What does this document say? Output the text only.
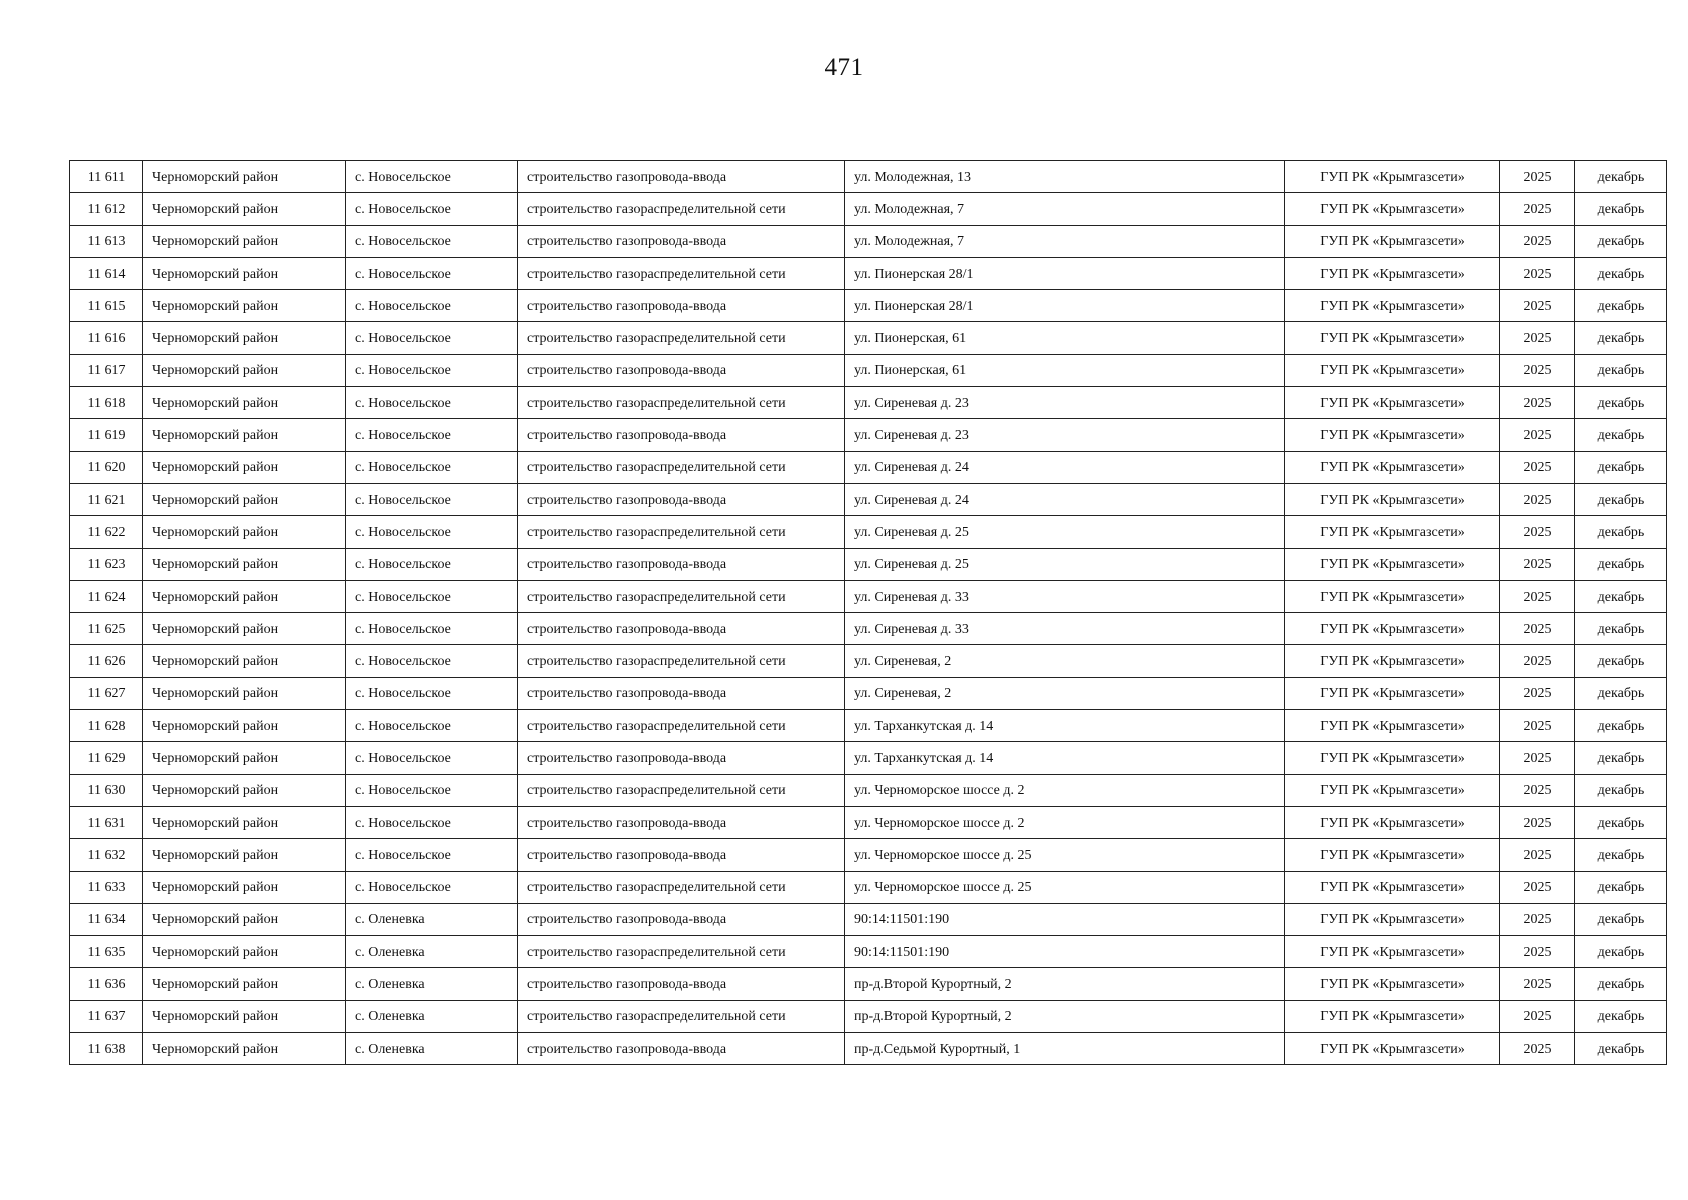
471
11 611	Черноморский район	с. Новосельское	строительство газопровода-ввода	ул. Молодежная, 13	ГУП РК «Крымгазсети»	2025	декабрь
11 612	Черноморский район	с. Новосельское	строительство газораспределительной сети	ул. Молодежная, 7	ГУП РК «Крымгазсети»	2025	декабрь
11 613	Черноморский район	с. Новосельское	строительство газопровода-ввода	ул. Молодежная, 7	ГУП РК «Крымгазсети»	2025	декабрь
11 614	Черноморский район	с. Новосельское	строительство газораспределительной сети	ул. Пионерская 28/1	ГУП РК «Крымгазсети»	2025	декабрь
11 615	Черноморский район	с. Новосельское	строительство газопровода-ввода	ул. Пионерская 28/1	ГУП РК «Крымгазсети»	2025	декабрь
11 616	Черноморский район	с. Новосельское	строительство газораспределительной сети	ул. Пионерская, 61	ГУП РК «Крымгазсети»	2025	декабрь
11 617	Черноморский район	с. Новосельское	строительство газопровода-ввода	ул. Пионерская, 61	ГУП РК «Крымгазсети»	2025	декабрь
11 618	Черноморский район	с. Новосельское	строительство газораспределительной сети	ул. Сиреневая д. 23	ГУП РК «Крымгазсети»	2025	декабрь
11 619	Черноморский район	с. Новосельское	строительство газопровода-ввода	ул. Сиреневая д. 23	ГУП РК «Крымгазсети»	2025	декабрь
11 620	Черноморский район	с. Новосельское	строительство газораспределительной сети	ул. Сиреневая д. 24	ГУП РК «Крымгазсети»	2025	декабрь
11 621	Черноморский район	с. Новосельское	строительство газопровода-ввода	ул. Сиреневая д. 24	ГУП РК «Крымгазсети»	2025	декабрь
11 622	Черноморский район	с. Новосельское	строительство газораспределительной сети	ул. Сиреневая д. 25	ГУП РК «Крымгазсети»	2025	декабрь
11 623	Черноморский район	с. Новосельское	строительство газопровода-ввода	ул. Сиреневая д. 25	ГУП РК «Крымгазсети»	2025	декабрь
11 624	Черноморский район	с. Новосельское	строительство газораспределительной сети	ул. Сиреневая д. 33	ГУП РК «Крымгазсети»	2025	декабрь
11 625	Черноморский район	с. Новосельское	строительство газопровода-ввода	ул. Сиреневая д. 33	ГУП РК «Крымгазсети»	2025	декабрь
11 626	Черноморский район	с. Новосельское	строительство газораспределительной сети	ул. Сиреневая, 2	ГУП РК «Крымгазсети»	2025	декабрь
11 627	Черноморский район	с. Новосельское	строительство газопровода-ввода	ул. Сиреневая, 2	ГУП РК «Крымгазсети»	2025	декабрь
11 628	Черноморский район	с. Новосельское	строительство газораспределительной сети	ул. Тарханкутская д. 14	ГУП РК «Крымгазсети»	2025	декабрь
11 629	Черноморский район	с. Новосельское	строительство газопровода-ввода	ул. Тарханкутская д. 14	ГУП РК «Крымгазсети»	2025	декабрь
11 630	Черноморский район	с. Новосельское	строительство газораспределительной сети	ул. Черноморское шоссе д. 2	ГУП РК «Крымгазсети»	2025	декабрь
11 631	Черноморский район	с. Новосельское	строительство газопровода-ввода	ул. Черноморское шоссе д. 2	ГУП РК «Крымгазсети»	2025	декабрь
11 632	Черноморский район	с. Новосельское	строительство газопровода-ввода	ул. Черноморское шоссе д. 25	ГУП РК «Крымгазсети»	2025	декабрь
11 633	Черноморский район	с. Новосельское	строительство газораспределительной сети	ул. Черноморское шоссе д. 25	ГУП РК «Крымгазсети»	2025	декабрь
11 634	Черноморский район	с. Оленевка	строительство газопровода-ввода	90:14:11501:190	ГУП РК «Крымгазсети»	2025	декабрь
11 635	Черноморский район	с. Оленевка	строительство газораспределительной сети	90:14:11501:190	ГУП РК «Крымгазсети»	2025	декабрь
11 636	Черноморский район	с. Оленевка	строительство газопровода-ввода	пр-д.Второй Курортный, 2	ГУП РК «Крымгазсети»	2025	декабрь
11 637	Черноморский район	с. Оленевка	строительство газораспределительной сети	пр-д.Второй Курортный, 2	ГУП РК «Крымгазсети»	2025	декабрь
11 638	Черноморский район	с. Оленевка	строительство газопровода-ввода	пр-д.Седьмой Курортный, 1	ГУП РК «Крымгазсети»	2025	декабрь
